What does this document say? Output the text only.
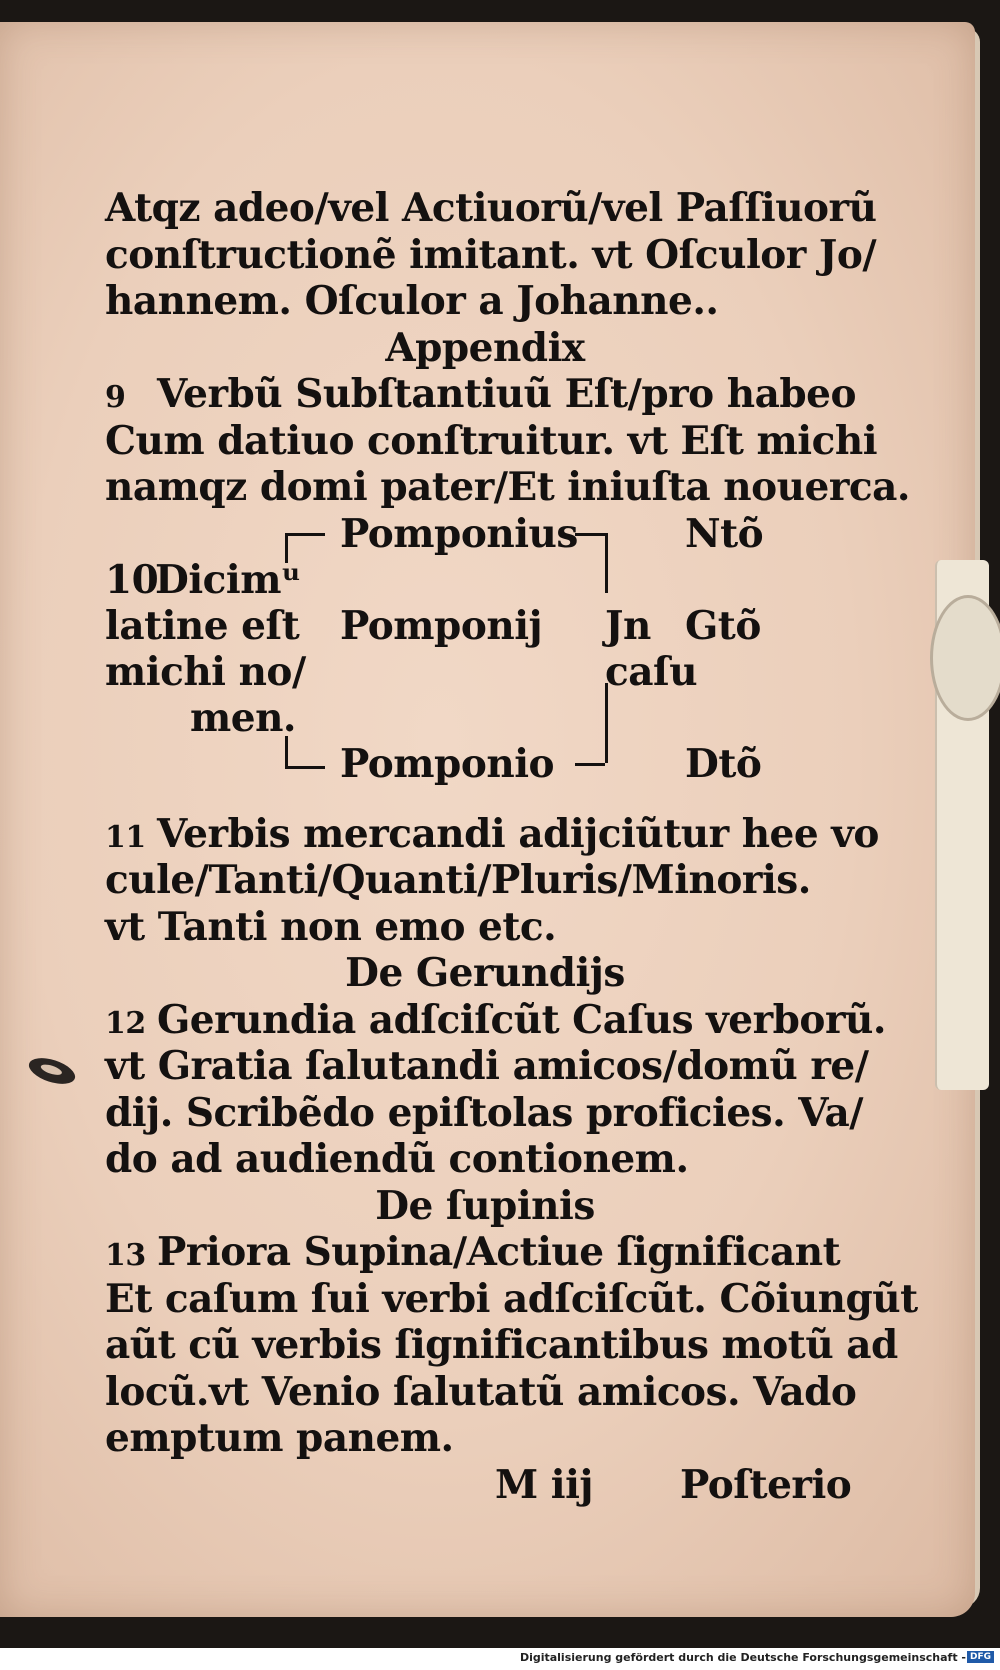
Atqz adeo/vel Actiuorũ/vel Paſſiuorũ
conſtructionẽ imitant. vt Oſculor Jo/
hannem. Oſculor a Johanne..
Appendix
9 Verbũ Subſtantiuũ Eſt/pro habeo
Cum datiuo conſtruitur. vt Eſt michi
namqz domi pater/Et iniuſta nouerca.
10
Dicimᵘ
latine eſt
michi no/
men.
Pomponius
Pomponij
Pomponio
Jn
caſu
Ntõ
Gtõ
Dtõ
11 Verbis mercandi adijciũtur hee vo
cule/Tanti/Quanti/Pluris/Minoris.
vt Tanti non emo etc.
De Gerundijs
12 Gerundia adſciſcũt Caſus verborũ.
vt Gratia ſalutandi amicos/domũ re/
dij. Scribẽdo epiſtolas proficies. Va/
do ad audiendũ contionem.
De ſupinis
13 Priora Supina/Actiue ſignificant
Et caſum ſui verbi adſciſcũt. Cõiungũt
aũt cũ verbis ſignificantibus motũ ad
locũ.vt Venio ſalutatũ amicos. Vado
emptum panem.
M iij Poſterio
Digitalisierung gefördert durch die Deutsche Forschungsgemeinschaft - DFG
